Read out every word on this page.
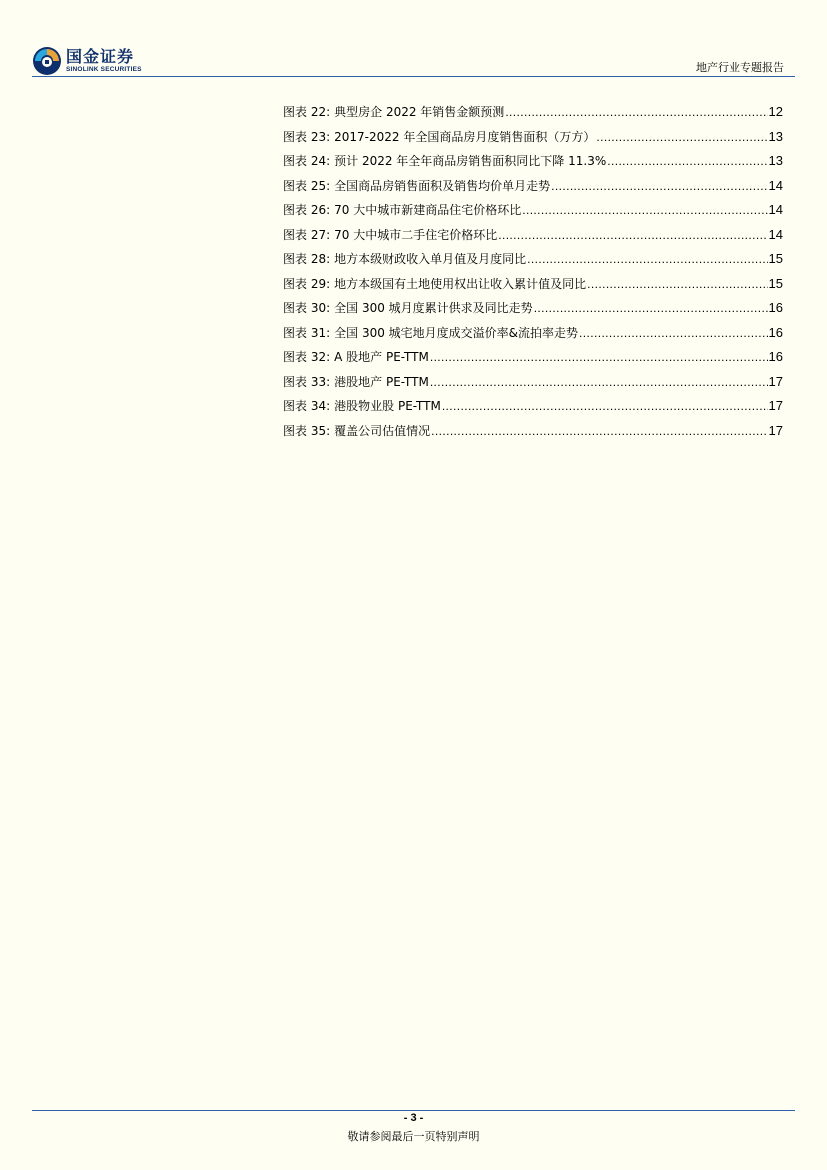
国金证券
SINOLINK SECURITIES	地产行业专题报告
图表 22: 典型房企 2022 年销售金额预测 .....	12
图表 23: 2017-2022 年全国商品房月度销售面积（万方） .....	13
图表 24: 预计 2022 年全年商品房销售面积同比下降 11.3% .....	13
图表 25: 全国商品房销售面积及销售均价单月走势 .....	14
图表 26: 70 大中城市新建商品住宅价格环比 .....	14
图表 27: 70 大中城市二手住宅价格环比 .....	14
图表 28: 地方本级财政收入单月值及月度同比 .....	15
图表 29: 地方本级国有土地使用权出让收入累计值及同比 .....	15
图表 30: 全国 300 城月度累计供求及同比走势 .....	16
图表 31: 全国 300 城宅地月度成交溢价率&流拍率走势 .....	16
图表 32: A 股地产 PE-TTM .....	16
图表 33: 港股地产 PE-TTM .....	17
图表 34: 港股物业股 PE-TTM .....	17
图表 35: 覆盖公司估值情况 .....	17
- 3 -
敬请参阅最后一页特别声明
